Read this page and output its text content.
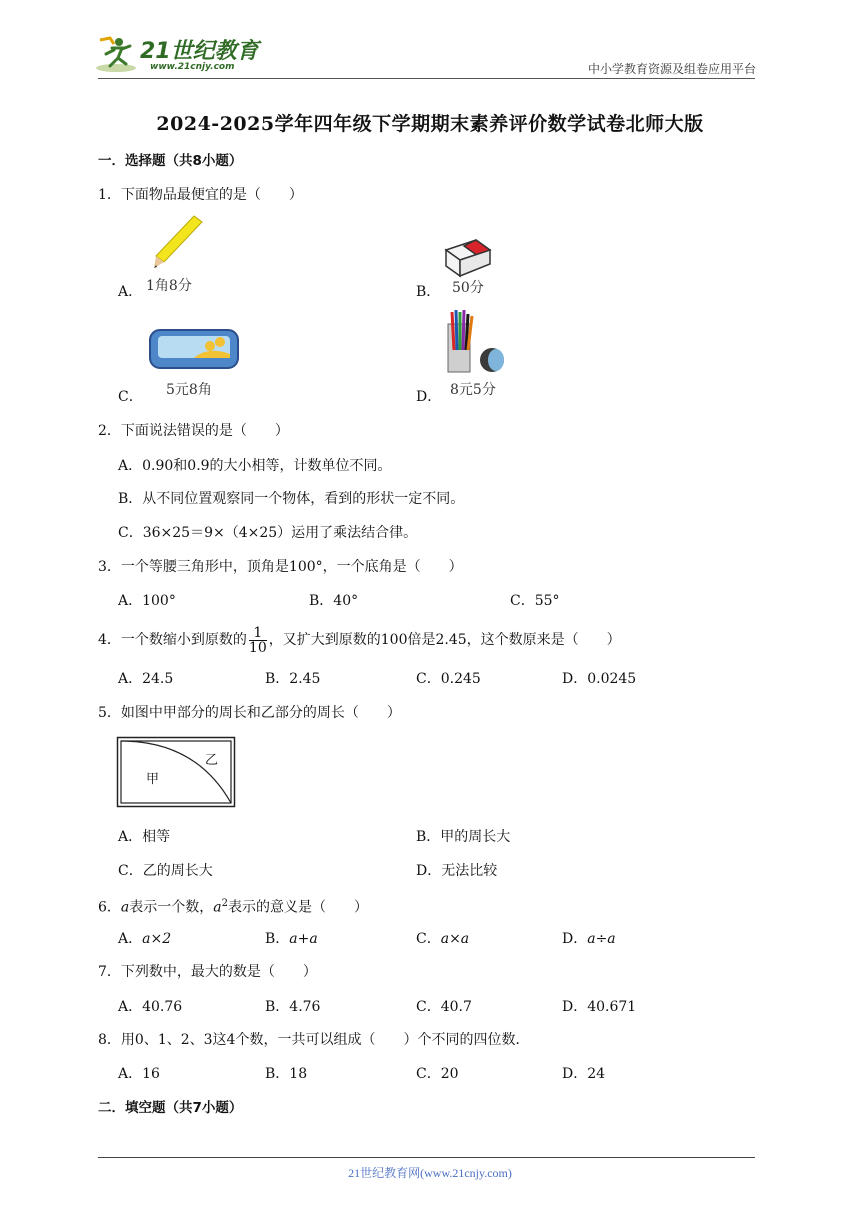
21世纪教育
www.21cnjy.com	中小学教育资源及组卷应用平台
2024-2025学年四年级下学期期末素养评价数学试卷北师大版
一．选择题（共8小题）
1．下面物品最便宜的是（　　）
A． 1角8分	B． 50分
C． 5元8角	D． 8元5分
2．下面说法错误的是（　　）
A．0.90和0.9的大小相等，计数单位不同。
B．从不同位置观察同一个物体，看到的形状一定不同。
C．36×25＝9×（4×25）运用了乘法结合律。
3．一个等腰三角形中，顶角是100°，一个底角是（　　）
A．100°	B．40°	C．55°
4．一个数缩小到原数的 $\frac{1}{10}$ ，又扩大到原数的100倍是2.45，这个数原来是（　　）
A．24.5	B．2.45	C．0.245	D．0.0245
5．如图中甲部分的周长和乙部分的周长（　　）
甲
乙
A．相等	B．甲的周长大
C．乙的周长大	D．无法比较
6．a表示一个数，$a^2$表示的意义是（　　）
A．a×2	B．a+a	C．a×a	D．a÷a
7．下列数中，最大的数是（　　）
A．40.76	B．4.76	C．40.7	D．40.671
8．用0、1、2、3这4个数，一共可以组成（　　）个不同的四位数．
A．16	B．18	C．20	D．24
二．填空题（共7小题）
21世纪教育网(www.21cnjy.com)
